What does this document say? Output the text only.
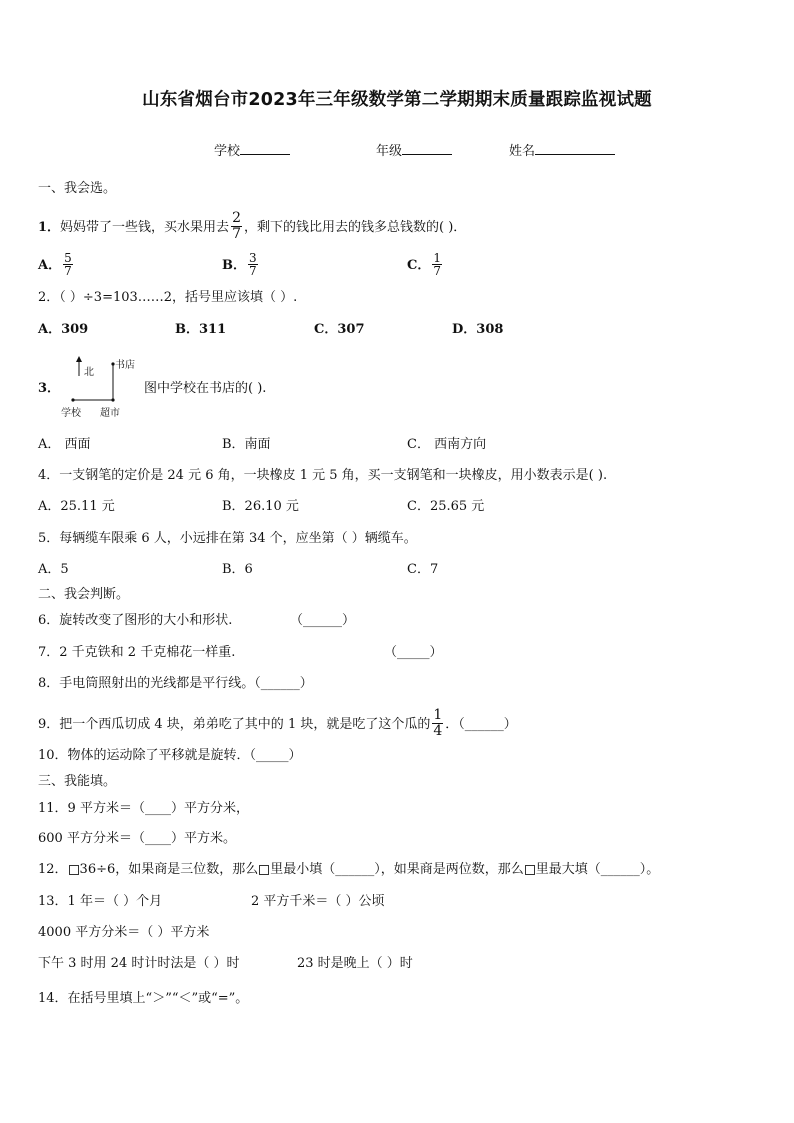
山东省烟台市2023年三年级数学第二学期期末质量跟踪监视试题
学校	年级	姓名
一、我会选。
1．妈妈带了一些钱，买水果用去 $\frac{2}{7}$ ，剩下的钱比用去的钱多总钱数的( )．
A． $\frac{5}{7}$	B． $\frac{3}{7}$	C． $\frac{1}{7}$
2．（ ）÷3=103……2，括号里应该填（ ）.
A．309	B．311	C．307	D．308
3．
北
书店
学校 超市
图中学校在书店的( ).
A． 西面	B．南面	C． 西南方向
4．一支钢笔的定价是 24 元 6 角，一块橡皮 1 元 5 角，买一支钢笔和一块橡皮，用小数表示是( ).
A．25.11 元	B．26.10 元	C．25.65 元
5．每辆缆车限乘 6 人，小远排在第 34 个，应坐第（ ）辆缆车。
A．5	B．6	C．7
二、我会判断。
6．旋转改变了图形的大小和形状.	（______）
7．2 千克铁和 2 千克棉花一样重.	（_____）
8．手电筒照射出的光线都是平行线。（______）
9．把一个西瓜切成 4 块，弟弟吃了其中的 1 块，就是吃了这个瓜的 $\frac{1}{4}$ ．（______）
10．物体的运动除了平移就是旋转．（_____）
三、我能填。
11．9 平方米＝（____）平方分米，
600 平方分米＝（____）平方米。
12． 36÷6，如果商是三位数，那么 里最小填（______），如果商是两位数，那么 里最大填（______）。
13．1 年＝（ ）个月	2 平方千米＝（ ）公顷
4000 平方分米＝（ ）平方米
下午 3 时用 24 时计时法是（ ）时	23 时是晚上（ ）时
14．在括号里填上“＞”“＜”或“=”。
